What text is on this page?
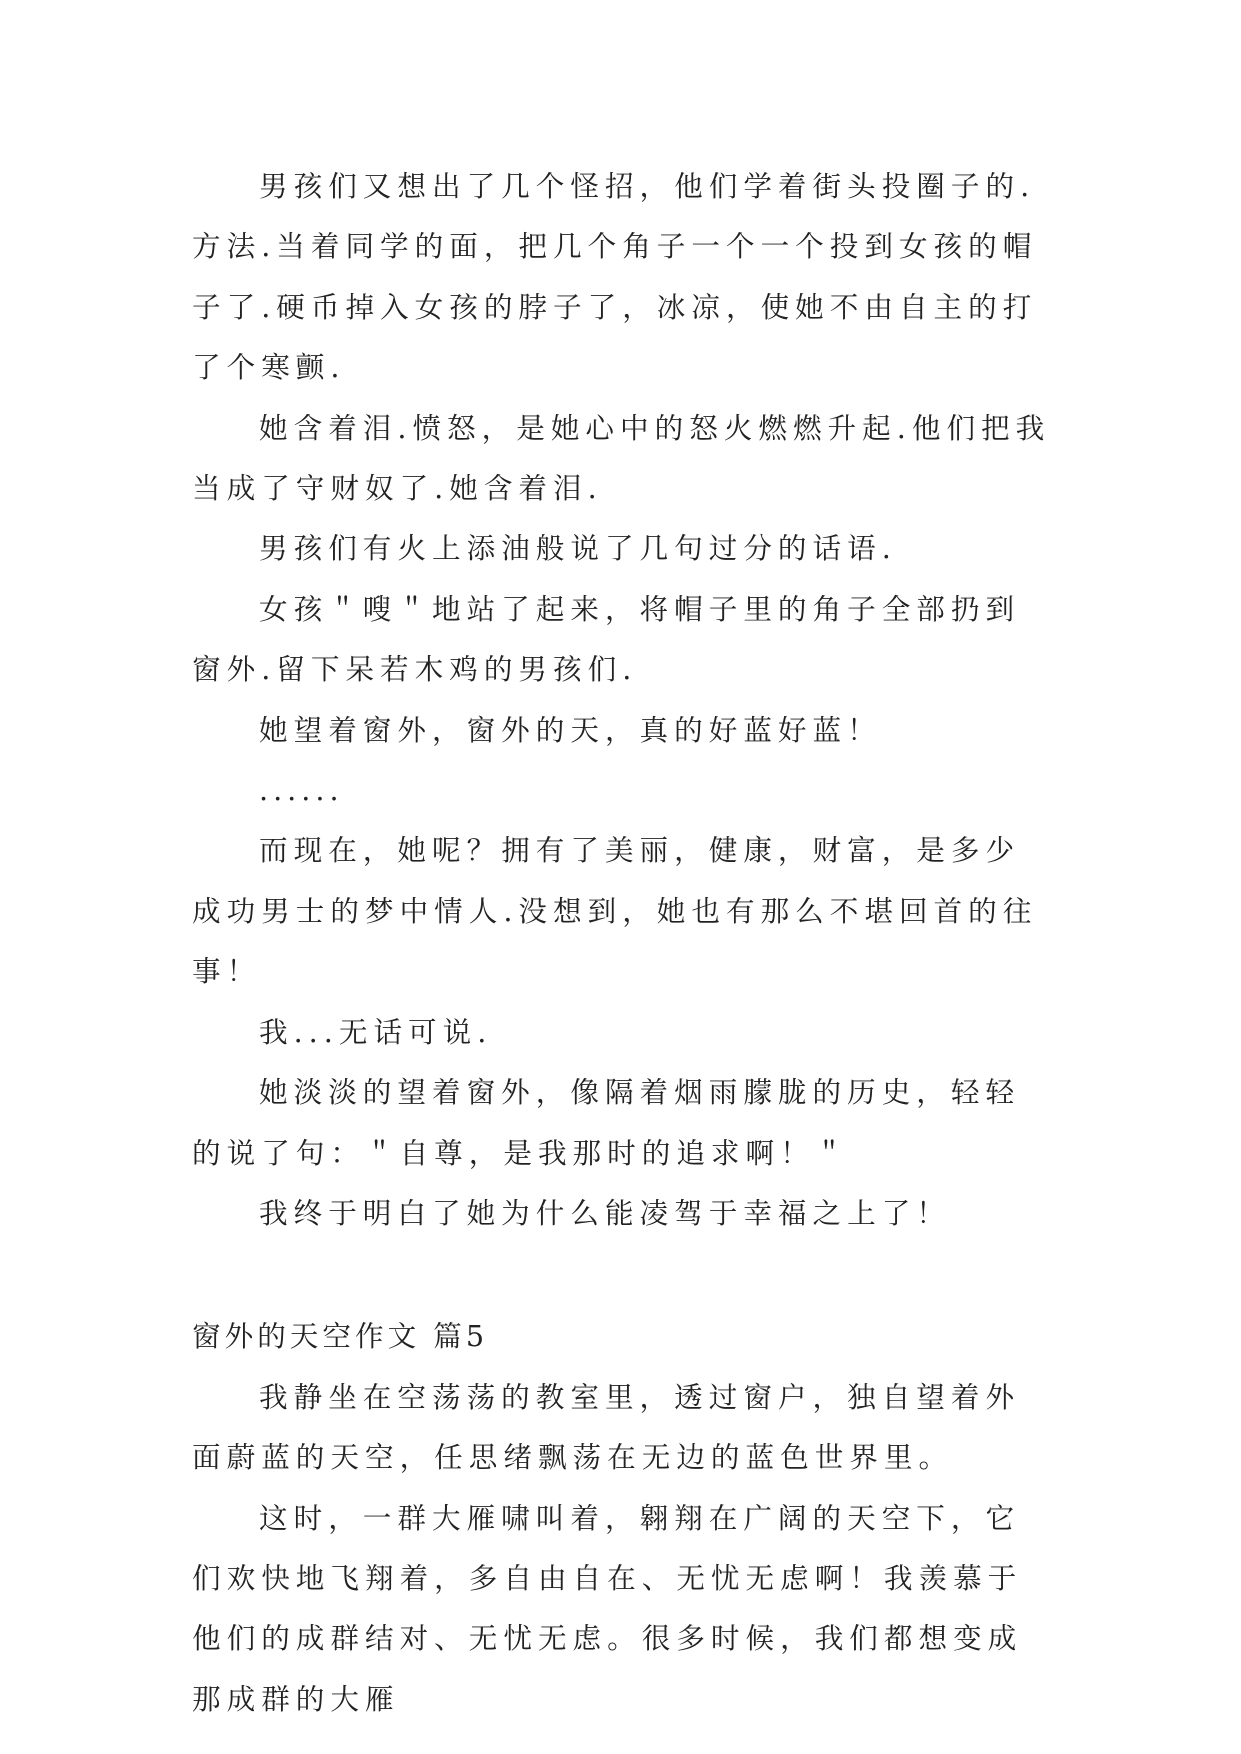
男孩们又想出了几个怪招，他们学着街头投圈子的.方法.当着同学的面，把几个角子一个一个投到女孩的帽子了.硬币掉入女孩的脖子了，冰凉，使她不由自主的打了个寒颤.

她含着泪.愤怒，是她心中的怒火燃燃升起.他们把我当成了守财奴了.她含着泪.

男孩们有火上添油般说了几句过分的话语.

女孩＂嗖＂地站了起来，将帽子里的角子全部扔到窗外.留下呆若木鸡的男孩们.

她望着窗外，窗外的天，真的好蓝好蓝！

......

而现在，她呢？拥有了美丽，健康，财富，是多少成功男士的梦中情人.没想到，她也有那么不堪回首的往事！

我...无话可说.

她淡淡的望着窗外，像隔着烟雨朦胧的历史，轻轻的说了句：＂自尊，是我那时的追求啊！＂

我终于明白了她为什么能凌驾于幸福之上了！

窗外的天空作文 篇5

我静坐在空荡荡的教室里，透过窗户，独自望着外面蔚蓝的天空，任思绪飘荡在无边的蓝色世界里。

这时，一群大雁啸叫着，翱翔在广阔的天空下，它们欢快地飞翔着，多自由自在、无忧无虑啊！我羡慕于他们的成群结对、无忧无虑。很多时候，我们都想变成那成群的大雁
